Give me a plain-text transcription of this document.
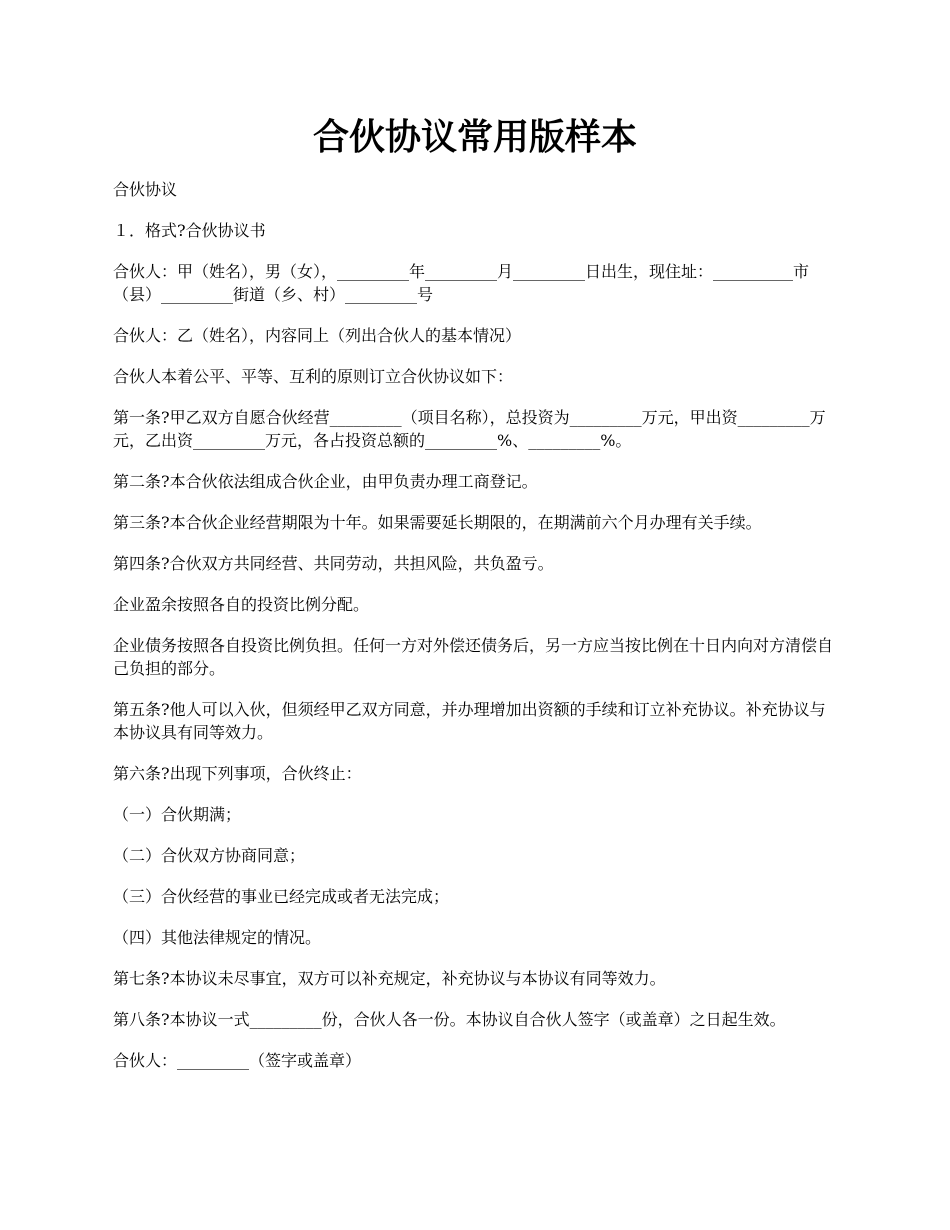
合伙协议常用版样本

合伙协议

１．格式?合伙协议书

合伙人：甲（姓名），男（女），_________年_________月_________日出生，现住址：__________市（县）_________街道（乡、村）_________号

合伙人：乙（姓名），内容同上（列出合伙人的基本情况）

合伙人本着公平、平等、互利的原则订立合伙协议如下：

第一条?甲乙双方自愿合伙经营_________（项目名称），总投资为_________万元，甲出资_________万元，乙出资_________万元，各占投资总额的_________%、_________%。

第二条?本合伙依法组成合伙企业，由甲负责办理工商登记。

第三条?本合伙企业经营期限为十年。如果需要延长期限的，在期满前六个月办理有关手续。

第四条?合伙双方共同经营、共同劳动，共担风险，共负盈亏。

企业盈余按照各自的投资比例分配。

企业债务按照各自投资比例负担。任何一方对外偿还债务后，另一方应当按比例在十日内向对方清偿自己负担的部分。

第五条?他人可以入伙，但须经甲乙双方同意，并办理增加出资额的手续和订立补充协议。补充协议与本协议具有同等效力。

第六条?出现下列事项，合伙终止：

（一）合伙期满；

（二）合伙双方协商同意；

（三）合伙经营的事业已经完成或者无法完成；

（四）其他法律规定的情况。

第七条?本协议未尽事宜，双方可以补充规定，补充协议与本协议有同等效力。

第八条?本协议一式_________份，合伙人各一份。本协议自合伙人签字（或盖章）之日起生效。

合伙人：_________（签字或盖章）
